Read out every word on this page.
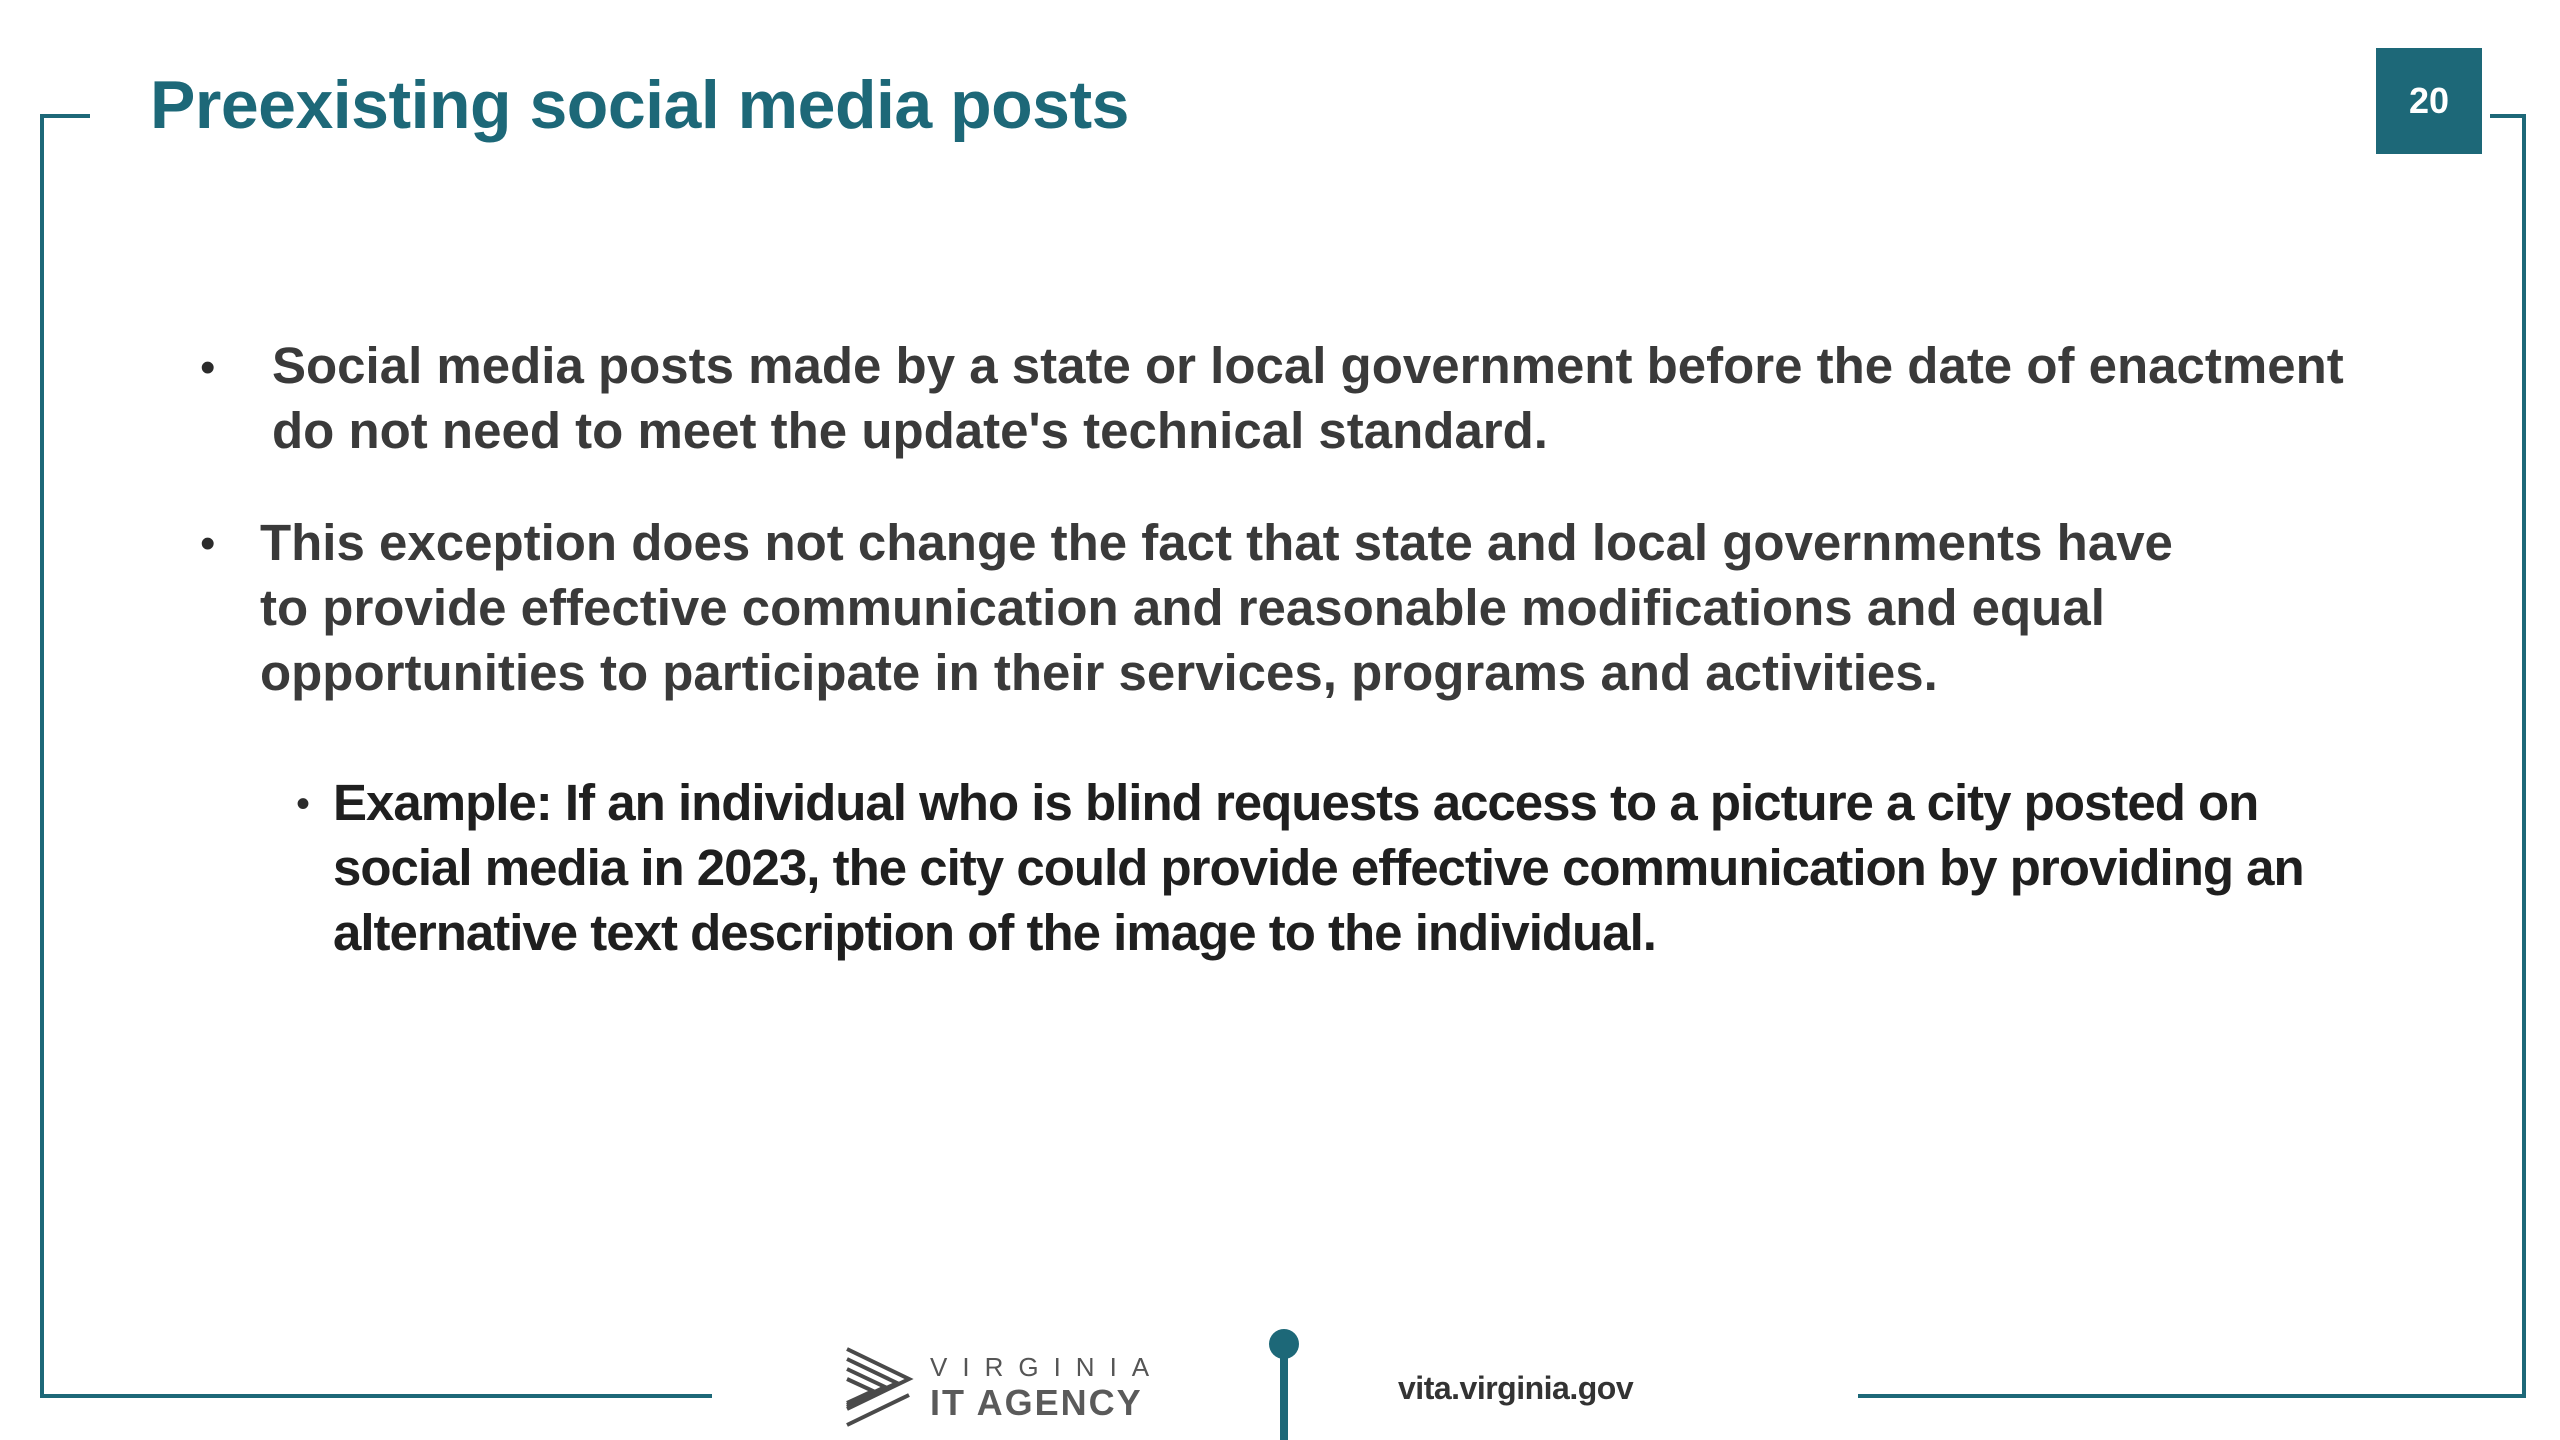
Preexisting social media posts	20
• Social media posts made by a state or local government before the date of enactment
do not need to meet the update's technical standard.
• This exception does not change the fact that state and local governments have
to provide effective communication and reasonable modifications and equal
opportunities to participate in their services, programs and activities.
• Example: If an individual who is blind requests access to a picture a city posted on
social media in 2023, the city could provide effective communication by providing an
alternative text description of the image to the individual.
VIRGINIA
IT AGENCY	vita.virginia.gov
